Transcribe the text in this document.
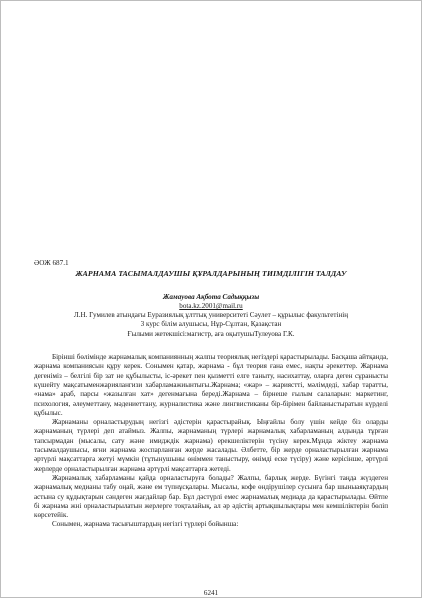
ӘОЖ 687.1
ЖАРНАМА ТАСЫМАЛДАУШЫ ҚҰРАЛДАРЫНЫҢ ТИІМДІЛІГІН ТАЛДАУ
Жамауова Ақбота Садыққызы
bota.kz.2001@mail.ru
Л.Н. Гумилев атындағы Еуразиялық ұлттық университеті Сәулет – құрылыс факультетінің
3 курс білім алушысы, Нұр-Сұлтан, Қазақстан
Ғылыми жетекшісі:магистр, аға оқытушыТулеуова Г.К.

Бірінші бөлімінде жарнамалық компаниянның жалпы теориялық негіздері қарастырылады. Басқаша айтқанда, жарнама компаниясын құру керек. Сонымен қатар, жарнама - бұл теория ғана емес, нақты әрекеттер. Жарнама дегеніміз – белгілі бір зат не құбылысты, іс-әрекет пен қызметті елге таныту, насихаттау, оларға деген сұранысты күшейту мақсатыменжариялангизи хабарламажиынтығы.Жарнама; «жар» – жариястті, мәлімдеді, хабар таратты, «нама» араб, парсы «жазылған хат» дегенмағына береді.Жарнама – бірнеше ғылым салаларын: маркетинг, психология, әлеуметтану, мәдениеттану, журналистика және лингвистиканы бір-бірімен байланыстыратын күрделі құбылыс.

Жарнаманы орналастырудың негізгі әдістерін қарастырайық. Ыңғайлы болу үшін кейде біз оларды жарнаманың түрлері деп атаймыз. Жалпы, жарнаманың түрлері жарнамалық хабарламаның алдында тұрған тапсырмадан (мысалы, сату және имидждік жарнама) ерекшеліктерін түсіну керек.Мұнда жіктеу жарнама тасымалдаушысы, яғни жарнама жоспарланған жерде жасалады. Әлбетте, бір жерде орналастырылған жарнама әртүрлі мақсаттарға жетуі мүмкін (тұтынушыны өніммен таныстыру, өнімді еске түсіру) және керісінше, әртүрлі жерлерде орналастырылған жарнама әртүрлі мақсаттарға жетеді.

Жарнамалық хабарламаны қайда орналастыруға болады? Жалпы, барлық жерде. Бүгінгі таңда жүздеген жарнамалық медианы табу оңай, және ем түпнұсқалары. Мысалы, кофе өндірушілер сусынға бар шыныаяқтардың астына су құдықтарын сәндеген жағдайлар бар. Бұл дәстүрлі емес жарнамалық медиада да қарастырылады. Өйтпе бі жарнама жні орналастырылатын жерлерге тоқталайық, ал әр әдістің артықшылықтары мен кемшіліктерін бөліп көрсетейік.

Сонымен, жарнама тасығыштардың негізгі түрлері бойынша:

6241
